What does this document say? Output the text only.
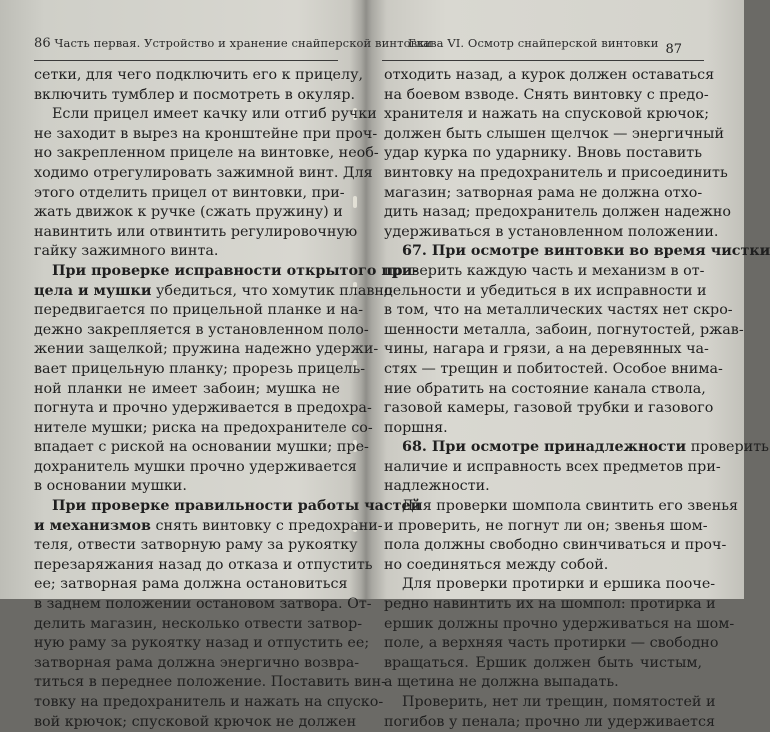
86 Часть первая. Устройство и хранение снайперской винтовки
сетки, для чего подключить его к прицелу,
включить тумблер и посмотреть в окуляр.
Если прицел имеет качку или отгиб ручки
не заходит в вырез на кронштейне при проч-
но закрепленном прицеле на винтовке, необ-
ходимо отрегулировать зажимной винт. Для
этого отделить прицел от винтовки, при-
жать движок к ручке (сжать пружину) и
навинтить или отвинтить регулировочную
гайку зажимного винта.
При проверке исправности открытого при-
цела и мушки убедиться, что хомутик плавно
передвигается по прицельной планке и на-
дежно закрепляется в установленном поло-
жении защелкой; пружина надежно удержи-
вает прицельную планку; прорезь прицель-
ной планки не имеет забоин; мушка не
погнута и прочно удерживается в предохра-
нителе мушки; риска на предохранителе со-
впадает с риской на основании мушки; пре-
дохранитель мушки прочно удерживается
в основании мушки.
При проверке правильности работы частей
и механизмов снять винтовку с предохрани-
теля, отвести затворную раму за рукоятку
перезаряжания назад до отказа и отпустить
ее; затворная рама должна остановиться
в заднем положении остановом затвора. От-
делить магазин, несколько отвести затвор-
ную раму за рукоятку назад и отпустить ее;
затворная рама должна энергично возвра-
титься в переднее положение. Поставить вин-
товку на предохранитель и нажать на спуско-
вой крючок; спусковой крючок не должен
Глава VI. Осмотр снайперской винтовки 87
отходить назад, а курок должен оставаться
на боевом взводе. Снять винтовку с предо-
хранителя и нажать на спусковой крючок;
должен быть слышен щелчок — энергичный
удар курка по ударнику. Вновь поставить
винтовку на предохранитель и присоединить
магазин; затворная рама не должна отхо-
дить назад; предохранитель должен надежно
удерживаться в установленном положении.
67. При осмотре винтовки во время чистки
проверить каждую часть и механизм в от-
дельности и убедиться в их исправности и
в том, что на металлических частях нет скро-
шенности металла, забоин, погнутостей, ржав-
чины, нагара и грязи, а на деревянных ча-
стях — трещин и побитостей. Особое внима-
ние обратить на состояние канала ствола,
газовой камеры, газовой трубки и газового
поршня.
68. При осмотре принадлежности проверить
наличие и исправность всех предметов при-
надлежности.
Для проверки шомпола свинтить его звенья
и проверить, не погнут ли он; звенья шом-
пола должны свободно свинчиваться и проч-
но соединяться между собой.
Для проверки протирки и ершика пооче-
редно навинтить их на шомпол: протирка и
ершик должны прочно удерживаться на шом-
поле, а верхняя часть протирки — свободно
вращаться. Ершик должен быть чистым,
а щетина не должна выпадать.
Проверить, нет ли трещин, помятостей и
погибов у пенала; прочно ли удерживается
